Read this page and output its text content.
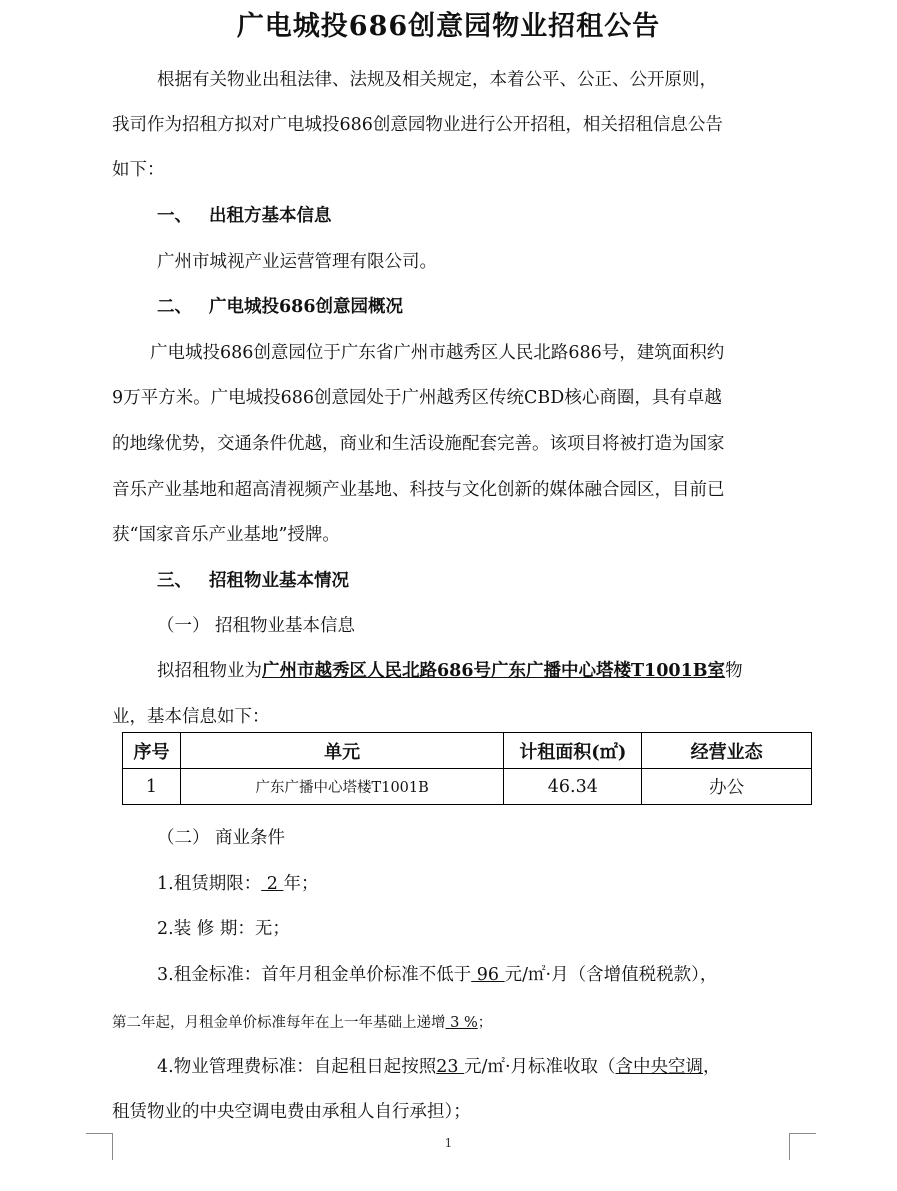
广电城投686创意园物业招租公告
根据有关物业出租法律、法规及相关规定，本着公平、公正、公开原则，
我司作为招租方拟对广电城投686创意园物业进行公开招租，相关招租信息公告
如下：
一、 出租方基本信息
广州市城视产业运营管理有限公司。
二、 广电城投686创意园概况
广电城投686创意园位于广东省广州市越秀区人民北路686号，建筑面积约
9万平方米。广电城投686创意园处于广州越秀区传统CBD核心商圈，具有卓越
的地缘优势，交通条件优越，商业和生活设施配套完善。该项目将被打造为国家
音乐产业基地和超高清视频产业基地、科技与文化创新的媒体融合园区，目前已
获“国家音乐产业基地”授牌。
三、 招租物业基本情况
（一） 招租物业基本信息
拟招租物业为广州市越秀区人民北路686号广东广播中心塔楼T1001B室物
业，基本信息如下：
序号	单元	计租面积(㎡)	经营业态
1	广东广播中心塔楼T1001B	46.34	办公
（二） 商业条件
1.租赁期限： 2 年；
2.装 修 期：无；
3.租金标准：首年月租金单价标准不低于 96 元/㎡·月（含增值税税款），
第二年起，月租金单价标准每年在上一年基础上递增 3 %；
4.物业管理费标准：自起租日起按照23 元/㎡·月标准收取（含中央空调，
租赁物业的中央空调电费由承租人自行承担）；
1
